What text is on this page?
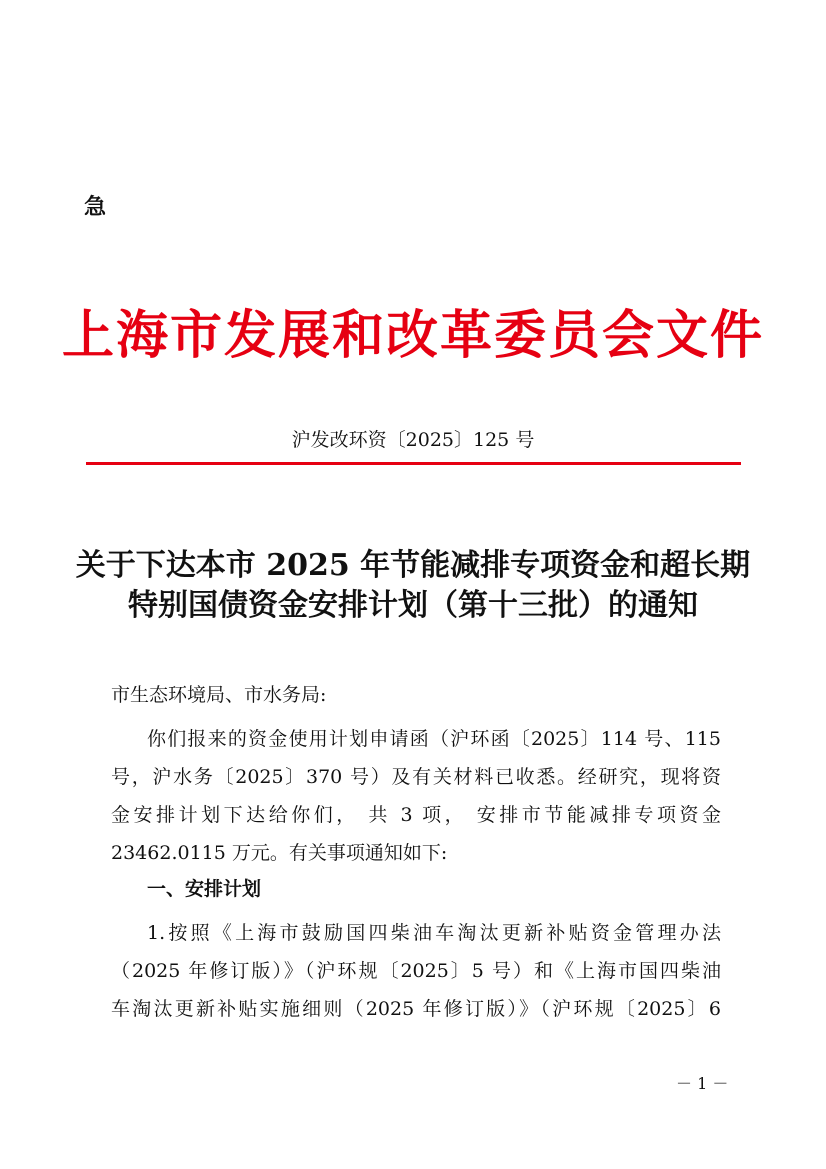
急
上海市发展和改革委员会文件
沪发改环资〔2025〕125 号
关于下达本市 2025 年节能减排专项资金和超长期
特别国债资金安排计划（第十三批）的通知
市生态环境局、市水务局:
你们报来的资金使用计划申请函（沪环函〔2025〕114 号、115
号，沪水务〔2025〕370 号）及有关材料已收悉。经研究，现将资
金安排计划下达给你们， 共 3 项， 安排市节能减排专项资金
23462.0115 万元。有关事项通知如下:
一、安排计划
1.按照《上海市鼓励国四柴油车淘汰更新补贴资金管理办法
（2025 年修订版）》（沪环规〔2025〕5 号）和《上海市国四柴油
车淘汰更新补贴实施细则（2025 年修订版）》（沪环规〔2025〕6
－ 1 －
